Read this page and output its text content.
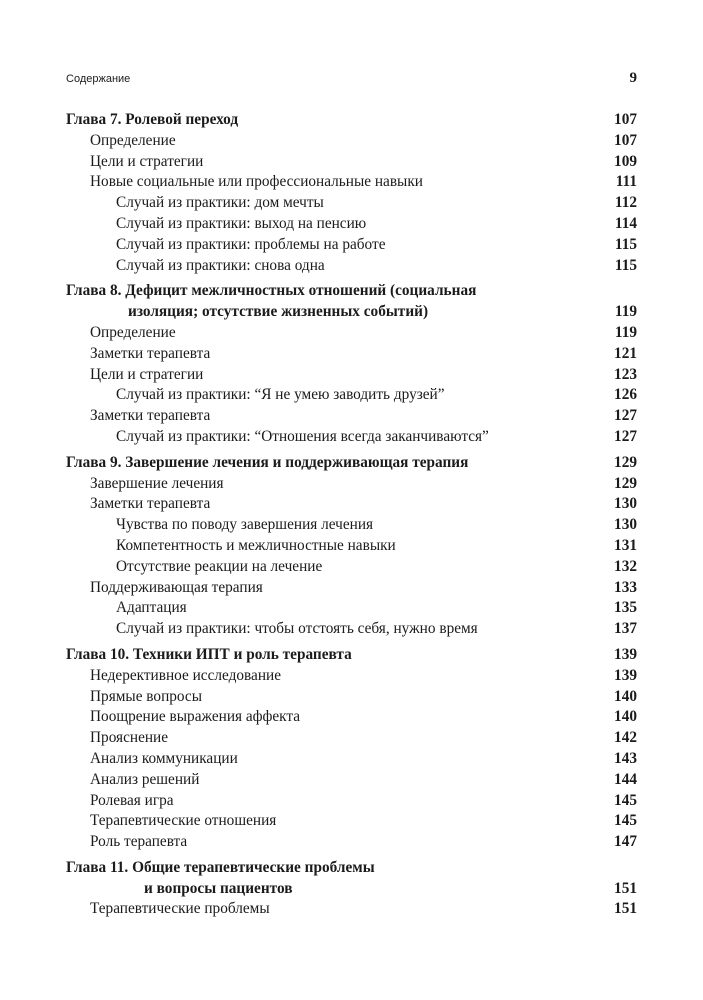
Содержание	9
Глава 7. Ролевой переход	107
Определение	107
Цели и стратегии	109
Новые социальные или профессиональные навыки	111
Случай из практики: дом мечты	112
Случай из практики: выход на пенсию	114
Случай из практики: проблемы на работе	115
Случай из практики: снова одна	115
Глава 8. Дефицит межличностных отношений (социальная
изоляция; отсутствие жизненных событий)	119
Определение	119
Заметки терапевта	121
Цели и стратегии	123
Случай из практики: “Я не умею заводить друзей”	126
Заметки терапевта	127
Случай из практики: “Отношения всегда заканчиваются”	127
Глава 9. Завершение лечения и поддерживающая терапия	129
Завершение лечения	129
Заметки терапевта	130
Чувства по поводу завершения лечения	130
Компетентность и межличностные навыки	131
Отсутствие реакции на лечение	132
Поддерживающая терапия	133
Адаптация	135
Случай из практики: чтобы отстоять себя, нужно время	137
Глава 10. Техники ИПТ и роль терапевта	139
Недерективное исследование	139
Прямые вопросы	140
Поощрение выражения аффекта	140
Прояснение	142
Анализ коммуникации	143
Анализ решений	144
Ролевая игра	145
Терапевтические отношения	145
Роль терапевта	147
Глава 11. Общие терапевтические проблемы
и вопросы пациентов	151
Терапевтические проблемы	151
